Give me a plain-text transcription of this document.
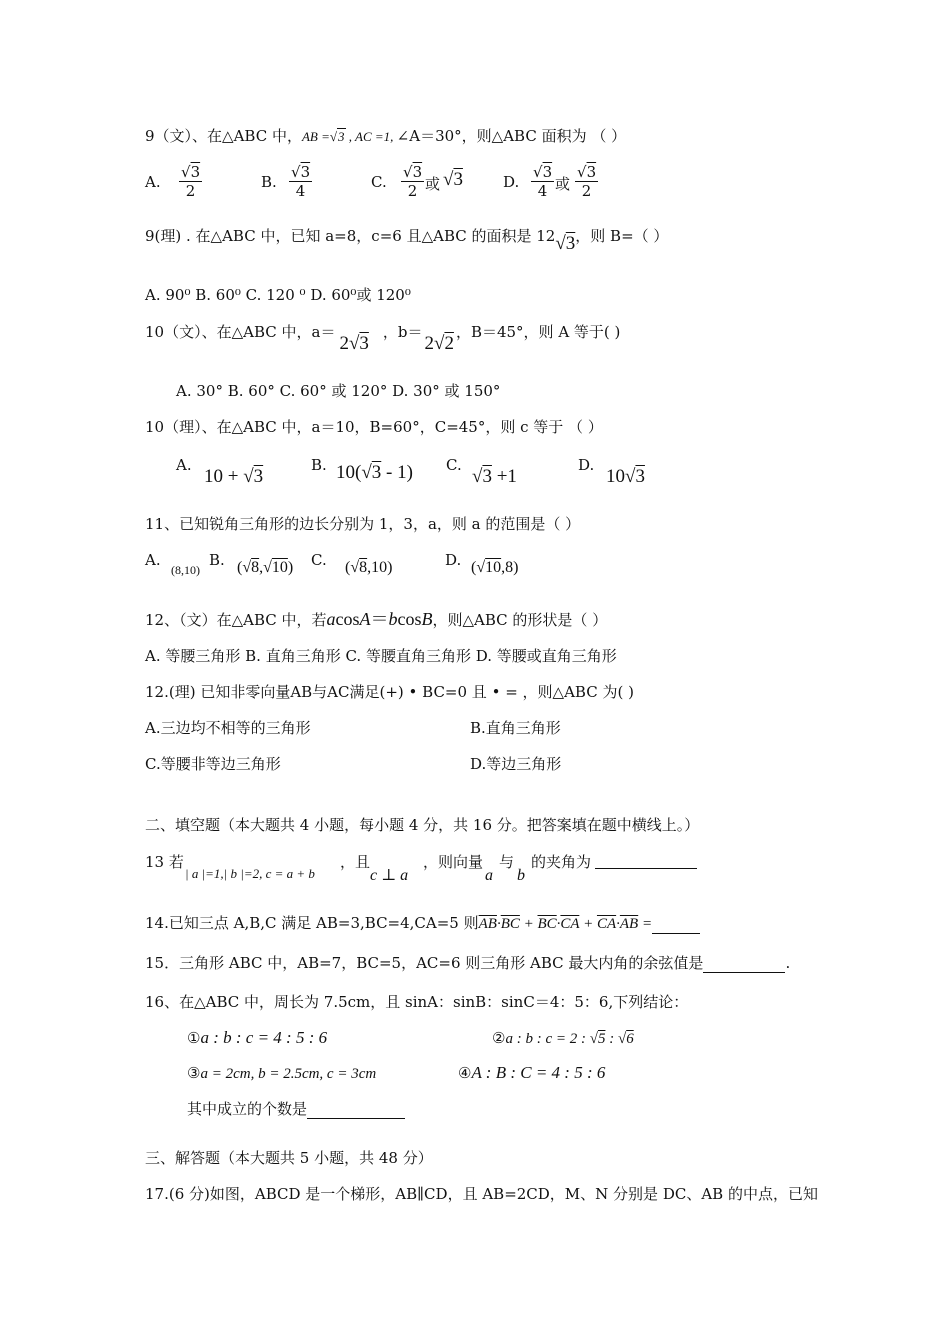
9（文）、在△ABC 中，AB =√3 , AC =1, ∠A＝30°，则△ABC 面积为 （ ）
A. $\frac{√3}{2}$	B. $\frac{√3}{4}$	C. $\frac{√3}{2}$ 或 √3	D. $\frac{√3}{4}$ 或 $\frac{√3}{2}$
9(理) . 在△ABC 中，已知 a=8，c=6 且△ABC 的面积是 12√3，则 B=（ ）
A. 90⁰ B. 60⁰ C. 120 ⁰ D. 60⁰或 120⁰
10（文）、在△ABC 中，a＝2√3，b＝2√2，B＝45°，则 A 等于( )
A. 30° B. 60° C. 60° 或 120° D. 30° 或 150°
10（理）、在△ABC 中，a＝10，B=60°，C=45°，则 c 等于 （ ）
A.
10 + √3
B. 10(√3 - 1) C.
√3 +1
D.
10√3
11、已知锐角三角形的边长分别为 1，3，a，则 a 的范围是（ ）
A.
(8,10)
B. (√8,√10) C. (√8,10)	D. (√10,8)
12、（文）在△ABC 中，若acosA＝bcosB，则△ABC 的形状是（ ）
A. 等腰三角形 B. 直角三角形 C. 等腰直角三角形 D. 等腰或直角三角形
12.(理) 已知非零向量AB与AC满足(+) • BC=0 且 • = ，则△ABC 为( )
A.三边均不相等的三角形	B.直角三角形
C.等腰非等边三角形	D.等边三角形
二、填空题（本大题共 4 小题，每小题 4 分，共 16 分。把答案填在题中横线上。）
13 若
| a |=1,| b |=2, c = a + b
，且
c ⊥ a
，则向量
a
与
b
的夹角为
14.已知三点 A,B,C 满足 AB=3,BC=4,CA=5 则$\overline{AB}\cdot\overline{BC} + \overline{BC}\cdot\overline{CA} + \overline{CA}\cdot\overline{AB}$ =
15．三角形 ABC 中，AB=7，BC=5，AC=6 则三角形 ABC 最大内角的余弦值是	.
16、在△ABC 中，周长为 7.5cm，且 sinA：sinB：sinC＝4：5：6,下列结论：
①a : b : c = 4 : 5 : 6	②a : b : c = 2 : √5 : √6
③a = 2cm, b = 2.5cm, c = 3cm	④A : B : C = 4 : 5 : 6
其中成立的个数是
三、解答题（本大题共 5 小题，共 48 分）
17.(6 分)如图，ABCD 是一个梯形，AB∥CD，且 AB=2CD，M、N 分别是 DC、AB 的中点，已知
